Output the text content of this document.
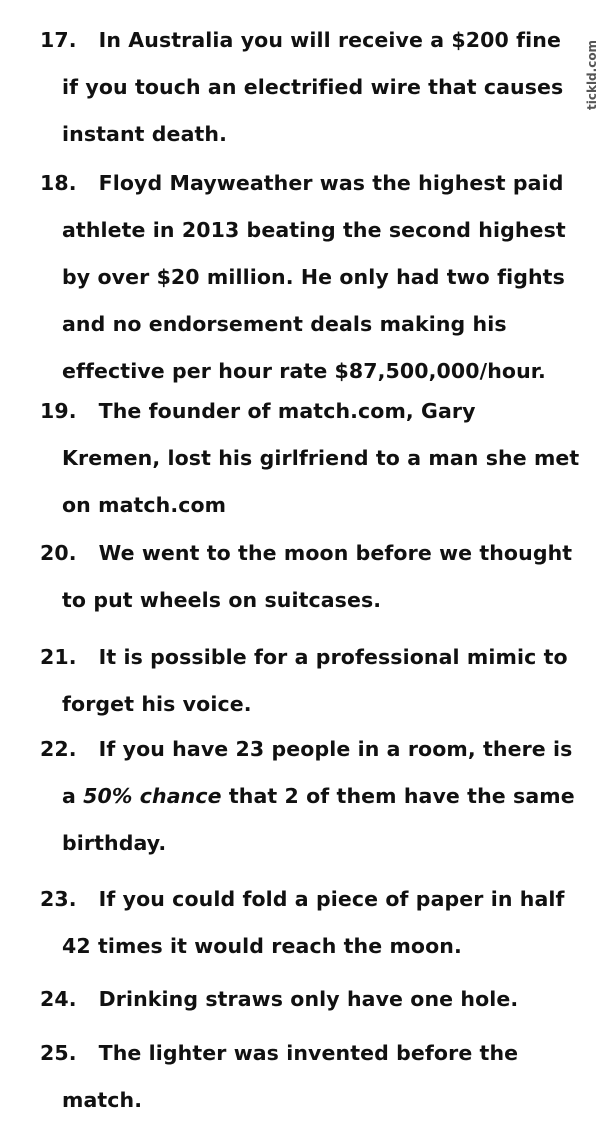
tickld.com
17. In Australia you will receive a $200 fine
if you touch an electrified wire that causes
instant death.
18. Floyd Mayweather was the highest paid
athlete in 2013 beating the second highest
by over $20 million. He only had two fights
and no endorsement deals making his
effective per hour rate $87,500,000/hour.
19. The founder of match.com, Gary
Kremen, lost his girlfriend to a man she met
on match.com
20. We went to the moon before we thought
to put wheels on suitcases.
21. It is possible for a professional mimic to
forget his voice.
22. If you have 23 people in a room, there is
a 50% chance that 2 of them have the same
birthday.
23. If you could fold a piece of paper in half
42 times it would reach the moon.
24. Drinking straws only have one hole.
25. The lighter was invented before the
match.
